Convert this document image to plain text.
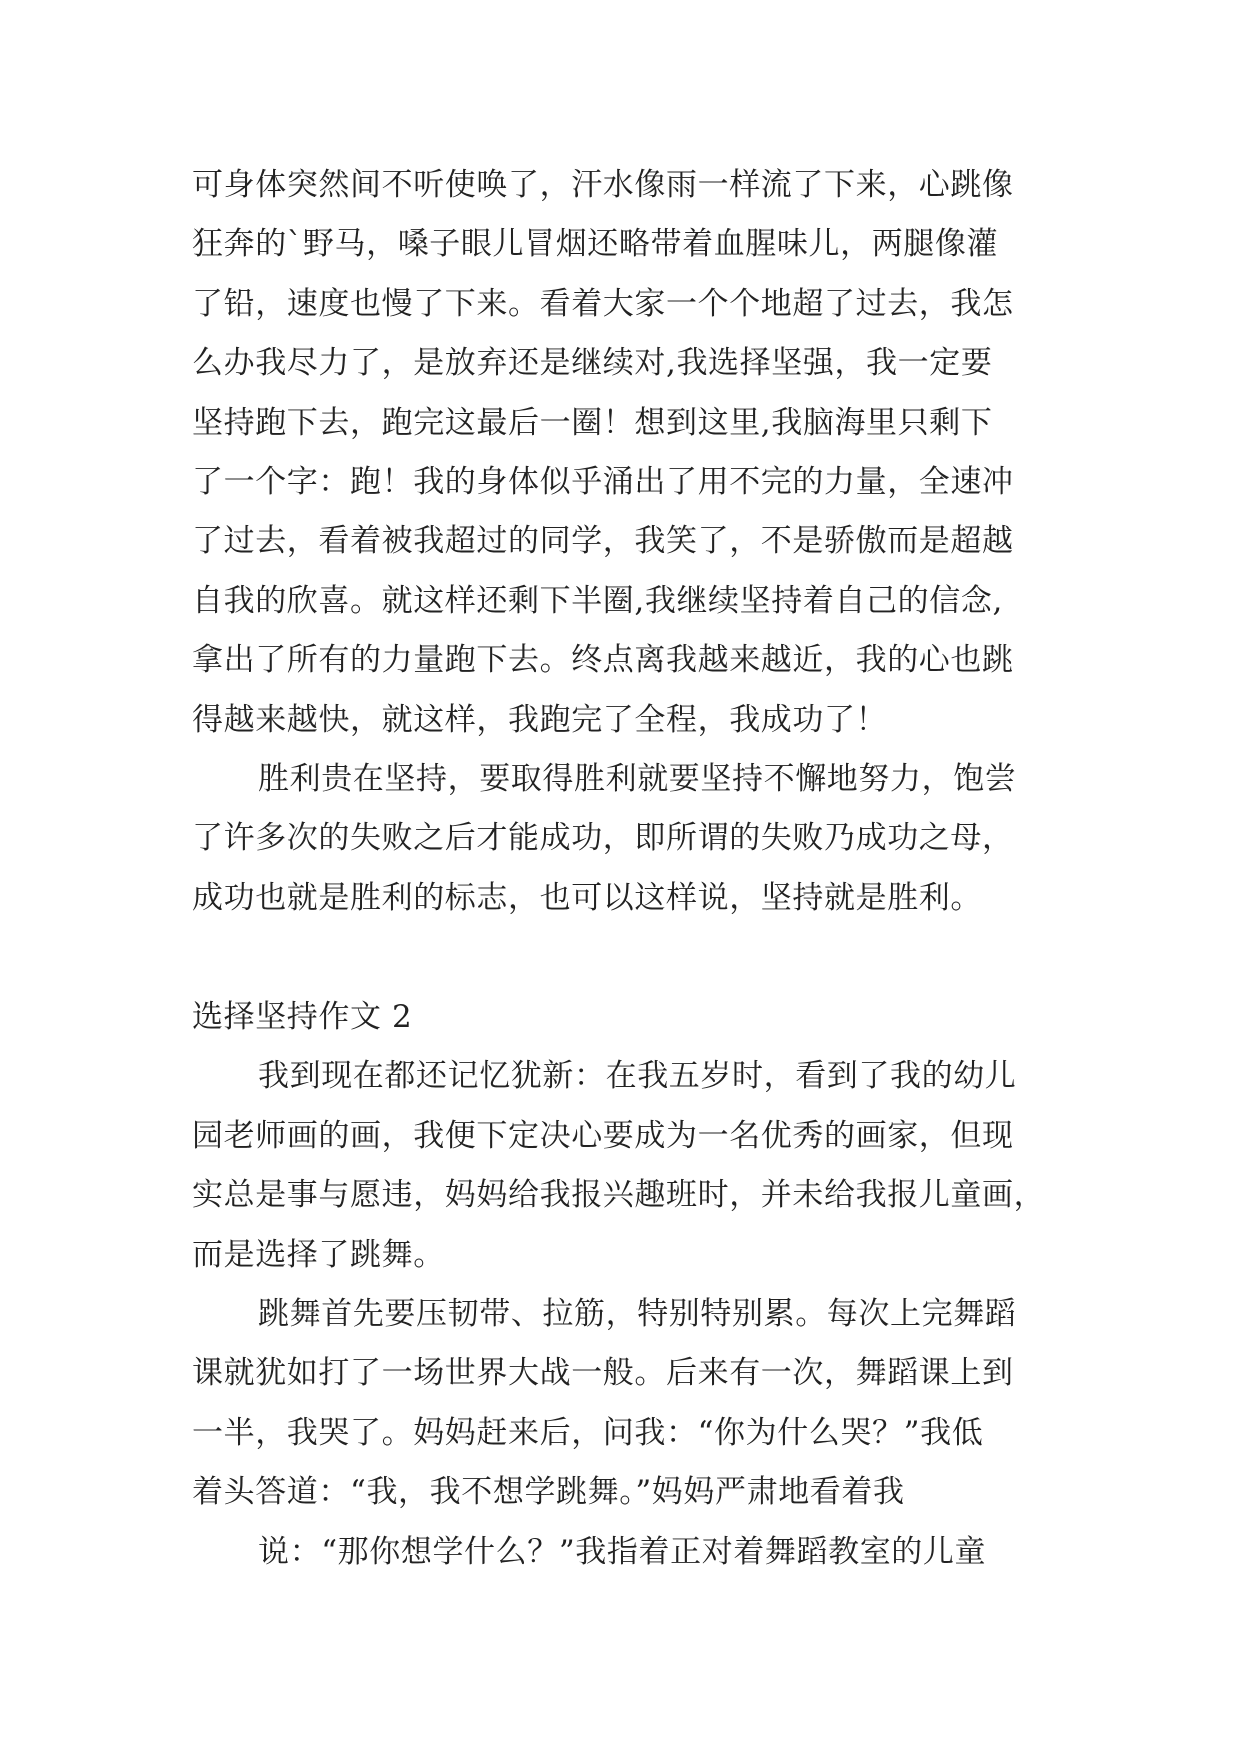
可身体突然间不听使唤了，汗水像雨一样流了下来，心跳像
狂奔的`野马，嗓子眼儿冒烟还略带着血腥味儿，两腿像灌
了铅，速度也慢了下来。看着大家一个个地超了过去，我怎
么办我尽力了，是放弃还是继续对,我选择坚强，我一定要
坚持跑下去，跑完这最后一圈！想到这里,我脑海里只剩下
了一个字：跑！我的身体似乎涌出了用不完的力量，全速冲
了过去，看着被我超过的同学，我笑了，不是骄傲而是超越
自我的欣喜。就这样还剩下半圈,我继续坚持着自己的信念,
拿出了所有的力量跑下去。终点离我越来越近，我的心也跳
得越来越快，就这样，我跑完了全程，我成功了！
胜利贵在坚持，要取得胜利就要坚持不懈地努力，饱尝
了许多次的失败之后才能成功，即所谓的失败乃成功之母，
成功也就是胜利的标志，也可以这样说，坚持就是胜利。
选择坚持作文 2
我到现在都还记忆犹新：在我五岁时，看到了我的幼儿
园老师画的画，我便下定决心要成为一名优秀的画家，但现
实总是事与愿违，妈妈给我报兴趣班时，并未给我报儿童画，
而是选择了跳舞。
跳舞首先要压韧带、拉筋，特别特别累。每次上完舞蹈
课就犹如打了一场世界大战一般。后来有一次，舞蹈课上到
一半，我哭了。妈妈赶来后，问我：“你为什么哭？”我低
着头答道：“我，我不想学跳舞。”妈妈严肃地看着我
说：“那你想学什么？”我指着正对着舞蹈教室的儿童
